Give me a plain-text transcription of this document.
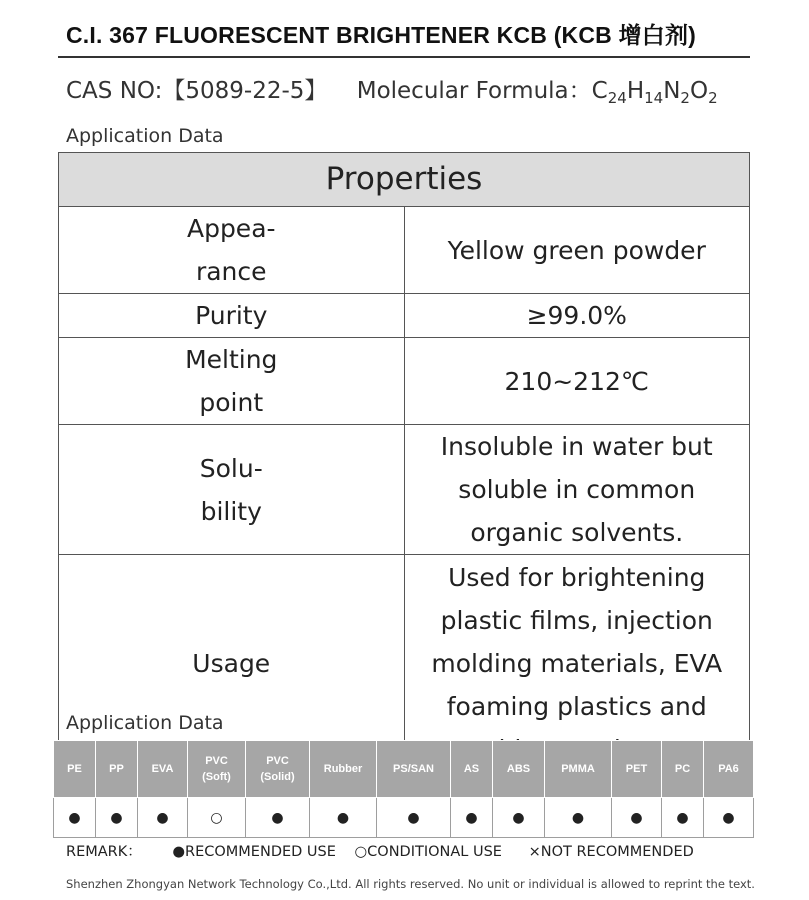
C.I. 367 FLUORESCENT BRIGHTENER KCB (KCB 增白剂)
CAS NO:【5089-22-5】 Molecular Formula：$C_{24}H_{14}N_2O_2$
Application Data
Properties	
Appea-
rance	Yellow green powder
Purity	≥99.0%
Melting
point	210~212℃
Solu-
bility	Insoluble in water but soluble in common
organic solvents.
Usage	Used for brightening plastic films, injection
molding materials, EVA foaming plastics and

Application Data
PE	PP	EVA	PVC
(Soft)	PVC
(Solid)	Rubber	PS/SAN	AS	ABS	PMMA	PET	PC	PA6
●	●	●	○	●	●	●	●	●	●	●	●	●
REMARK： ●RECOMMENDED USE ○CONDITIONAL USE ×NOT RECOMMENDED
Shenzhen Zhongyan Network Technology Co.,Ltd. All rights reserved. No unit or individual is allowed to reprint the text.
